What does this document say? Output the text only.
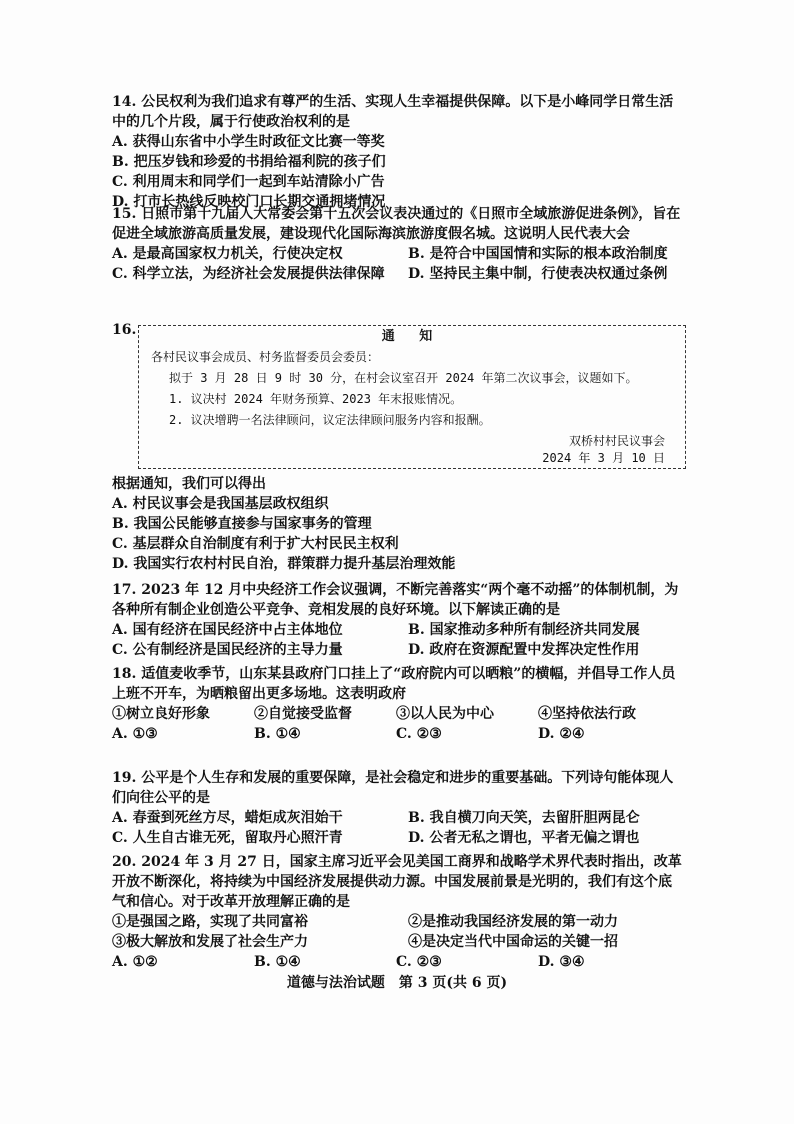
14. 公民权利为我们追求有尊严的生活、实现人生幸福提供保障。以下是小峰同学日常生活中的几个片段，属于行使政治权利的是
A. 获得山东省中小学生时政征文比赛一等奖
B. 把压岁钱和珍爱的书捐给福利院的孩子们
C. 利用周末和同学们一起到车站清除小广告
D. 打市长热线反映校门口长期交通拥堵情况
15. 日照市第十九届人大常委会第十五次会议表决通过的《日照市全域旅游促进条例》，旨在促进全域旅游高质量发展，建设现代化国际海滨旅游度假名城。这说明人民代表大会
A. 是最高国家权力机关，行使决定权	B. 是符合中国国情和实际的根本政治制度
C. 科学立法，为经济社会发展提供法律保障	D. 坚持民主集中制，行使表决权通过条例
16.	通 知
各村民议事会成员、村务监督委员会委员：
拟于 3 月 28 日 9 时 30 分，在村会议室召开 2024 年第二次议事会，议题如下。
1. 议决村 2024 年财务预算、2023 年末报账情况。
2. 议决增聘一名法律顾问，议定法律顾问服务内容和报酬。
双桥村村民议事会
2024 年 3 月 10 日
根据通知，我们可以得出
A. 村民议事会是我国基层政权组织
B. 我国公民能够直接参与国家事务的管理
C. 基层群众自治制度有利于扩大村民民主权利
D. 我国实行农村村民自治，群策群力提升基层治理效能
17. 2023 年 12 月中央经济工作会议强调，不断完善落实“两个毫不动摇”的体制机制，为各种所有制企业创造公平竞争、竞相发展的良好环境。以下解读正确的是
A. 国有经济在国民经济中占主体地位	B. 国家推动多种所有制经济共同发展
C. 公有制经济是国民经济的主导力量	D. 政府在资源配置中发挥决定性作用
18. 适值麦收季节，山东某县政府门口挂上了“政府院内可以晒粮”的横幅，并倡导工作人员上班不开车，为晒粮留出更多场地。这表明政府
①树立良好形象	②自觉接受监督	③以人民为中心	④坚持依法行政
A. ①③	B. ①④	C. ②③	D. ②④
19. 公平是个人生存和发展的重要保障，是社会稳定和进步的重要基础。下列诗句能体现人们向往公平的是
A. 春蚕到死丝方尽，蜡炬成灰泪始干	B. 我自横刀向天笑，去留肝胆两昆仑
C. 人生自古谁无死，留取丹心照汗青	D. 公者无私之谓也，平者无偏之谓也
20. 2024 年 3 月 27 日，国家主席习近平会见美国工商界和战略学术界代表时指出，改革开放不断深化，将持续为中国经济发展提供动力源。中国发展前景是光明的，我们有这个底气和信心。对于改革开放理解正确的是
①是强国之路，实现了共同富裕	②是推动我国经济发展的第一动力
③极大解放和发展了社会生产力	④是决定当代中国命运的关键一招
A. ①②	B. ①④	C. ②③	D. ③④
道德与法治试题　第 3 页(共 6 页)
